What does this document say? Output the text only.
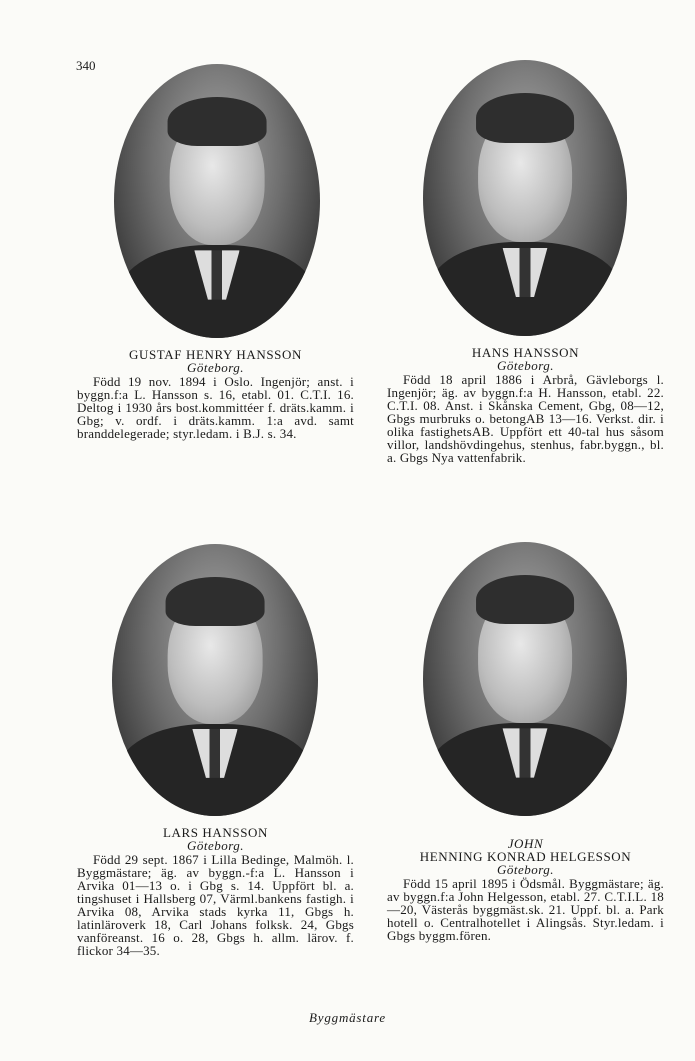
340
GUSTAF HENRY HANSSON
Göteborg.
Född 19 nov. 1894 i Oslo. Ingenjör; anst. i byggn.f:a L. Hansson s. 16, etabl. 01. C.T.I. 16. Deltog i 1930 års bost.kommittéer f. dräts.kamm. i Gbg; v. ordf. i dräts.kamm. 1:a avd. samt branddelegerade; styr.ledam. i B.J. s. 34.
HANS HANSSON
Göteborg.
Född 18 april 1886 i Arbrå, Gävleborgs l. Ingenjör; äg. av byggn.f:a H. Hansson, etabl. 22. C.T.I. 08. Anst. i Skånska Cement, Gbg, 08—12, Gbgs murbruks o. betongAB 13—16. Verkst. dir. i olika fastighetsAB. Uppfört ett 40-tal hus såsom villor, landshövdingehus, stenhus, fabr.byggn., bl. a. Gbgs Nya vattenfabrik.
LARS HANSSON
Göteborg.
Född 29 sept. 1867 i Lilla Bedinge, Malmöh. l. Byggmästare; äg. av byggn.-f:a L. Hansson i Arvika 01—13 o. i Gbg s. 14. Uppfört bl. a. tingshuset i Hallsberg 07, Värml.bankens fastigh. i Arvika 08, Arvika stads kyrka 11, Gbgs h. latinläroverk 18, Carl Johans folksk. 24, Gbgs vanföreanst. 16 o. 28, Gbgs h. allm. lärov. f. flickor 34—35.

JOHN
HENNING KONRAD HELGESSON

Göteborg.
Född 15 april 1895 i Ödsmål. Byggmästare; äg. av byggn.f:a John Helgesson, etabl. 27. C.T.I.L. 18—20, Västerås byggmäst.sk. 21. Uppf. bl. a. Park hotell o. Centralhotellet i Alingsås. Styr.ledam. i Gbgs byggm.fören.
Byggmästare
